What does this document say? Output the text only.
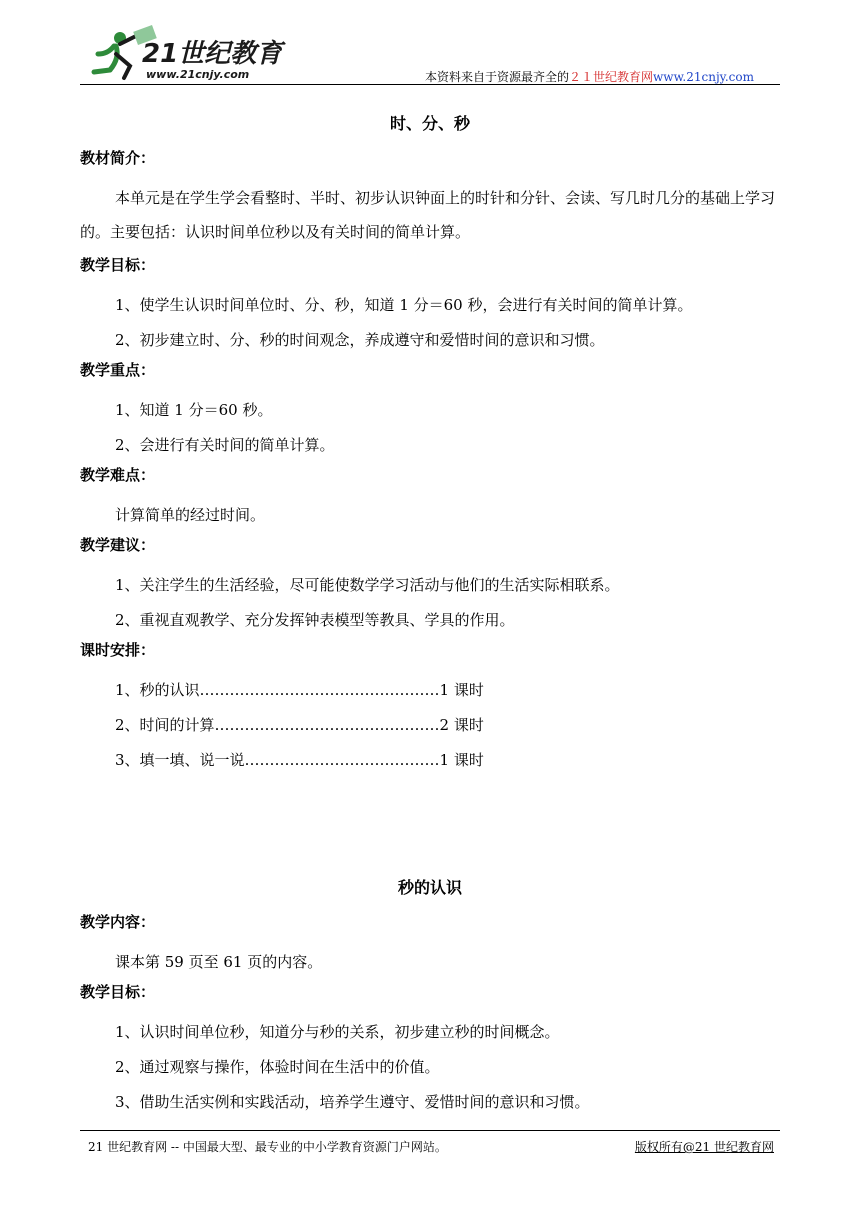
21世纪教育
www.21cnjy.com	本资料来自于资源最齐全的２１世纪教育网www.21cnjy.com
时、分、秒
教材简介：

本单元是在学生学会看整时、半时、初步认识钟面上的时针和分针、会读、写几时几分的基础上学习的。主要包括：认识时间单位秒以及有关时间的简单计算。

教学目标：
1、使学生认识时间单位时、分、秒，知道 1 分＝60 秒，会进行有关时间的简单计算。
2、初步建立时、分、秒的时间观念，养成遵守和爱惜时间的意识和习惯。
教学重点：
1、知道 1 分＝60 秒。
2、会进行有关时间的简单计算。
教学难点：
计算简单的经过时间。
教学建议：
1、关注学生的生活经验，尽可能使数学学习活动与他们的生活实际相联系。
2、重视直观教学、充分发挥钟表模型等教具、学具的作用。
课时安排：
1、秒的认识…………………………………………1 课时
2、时间的计算………………………………………2 课时
3、填一填、说一说…………………………………1 课时
秒的认识
教学内容：
课本第 59 页至 61 页的内容。
教学目标：
1、认识时间单位秒，知道分与秒的关系，初步建立秒的时间概念。
2、通过观察与操作，体验时间在生活中的价值。
3、借助生活实例和实践活动，培养学生遵守、爱惜时间的意识和习惯。
21 世纪教育网 -- 中国最大型、最专业的中小学教育资源门户网站。	版权所有@21 世纪教育网
